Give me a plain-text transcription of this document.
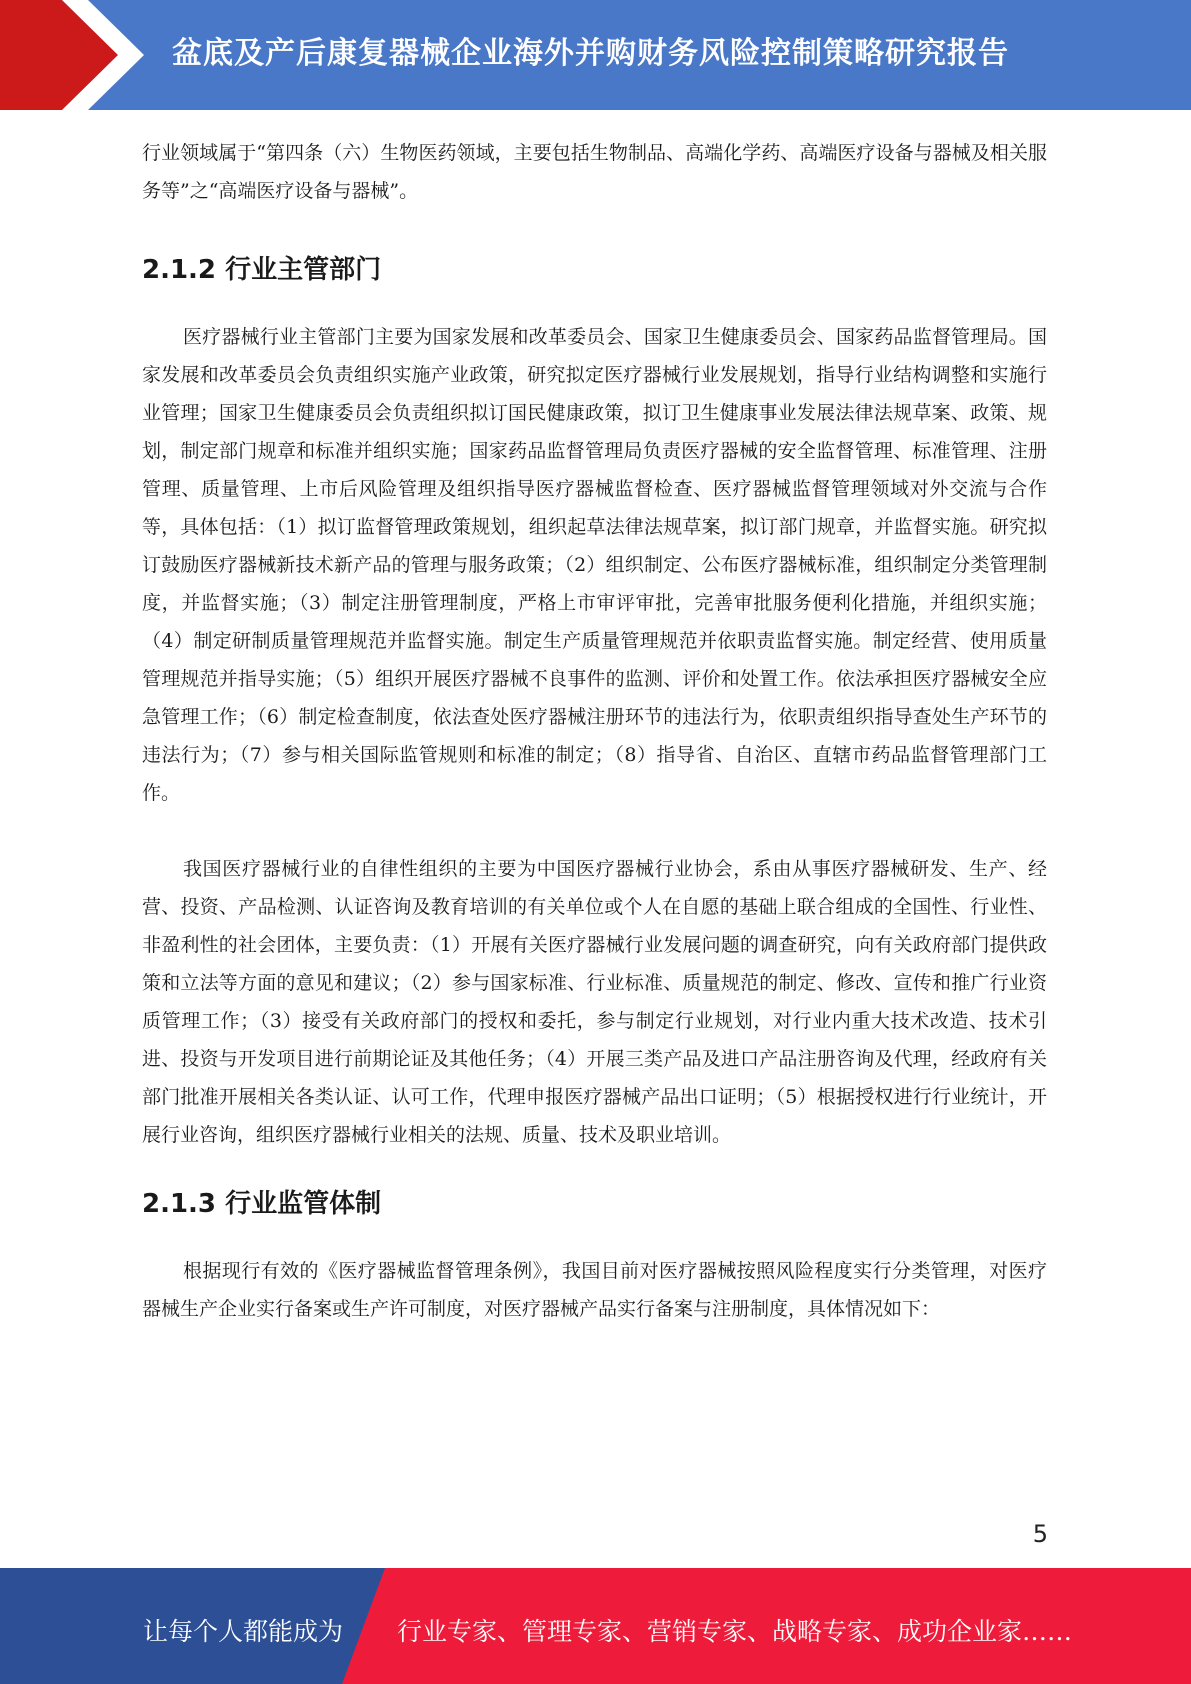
盆底及产后康复器械企业海外并购财务风险控制策略研究报告

行业领域属于“第四条（六）生物医药领域，主要包括生物制品、高端化学药、高端医疗设备与器械及相关服务等”之“高端医疗设备与器械”。

2.1.2 行业主管部门

医疗器械行业主管部门主要为国家发展和改革委员会、国家卫生健康委员会、国家药品监督管理局。国家发展和改革委员会负责组织实施产业政策，研究拟定医疗器械行业发展规划，指导行业结构调整和实施行业管理；国家卫生健康委员会负责组织拟订国民健康政策，拟订卫生健康事业发展法律法规草案、政策、规划，制定部门规章和标准并组织实施；国家药品监督管理局负责医疗器械的安全监督管理、标准管理、注册管理、质量管理、上市后风险管理及组织指导医疗器械监督检查、医疗器械监督管理领域对外交流与合作等，具体包括：（1）拟订监督管理政策规划，组织起草法律法规草案，拟订部门规章，并监督实施。研究拟订鼓励医疗器械新技术新产品的管理与服务政策；（2）组织制定、公布医疗器械标准，组织制定分类管理制度，并监督实施；（3）制定注册管理制度，严格上市审评审批，完善审批服务便利化措施，并组织实施；（4）制定研制质量管理规范并监督实施。制定生产质量管理规范并依职责监督实施。制定经营、使用质量管理规范并指导实施；（5）组织开展医疗器械不良事件的监测、评价和处置工作。依法承担医疗器械安全应急管理工作；（6）制定检查制度，依法查处医疗器械注册环节的违法行为，依职责组织指导查处生产环节的违法行为；（7）参与相关国际监管规则和标准的制定；（8）指导省、自治区、直辖市药品监督管理部门工作。

我国医疗器械行业的自律性组织的主要为中国医疗器械行业协会，系由从事医疗器械研发、生产、经营、投资、产品检测、认证咨询及教育培训的有关单位或个人在自愿的基础上联合组成的全国性、行业性、非盈利性的社会团体，主要负责：（1）开展有关医疗器械行业发展问题的调查研究，向有关政府部门提供政策和立法等方面的意见和建议；（2）参与国家标准、行业标准、质量规范的制定、修改、宣传和推广行业资质管理工作；（3）接受有关政府部门的授权和委托，参与制定行业规划，对行业内重大技术改造、技术引进、投资与开发项目进行前期论证及其他任务；（4）开展三类产品及进口产品注册咨询及代理，经政府有关部门批准开展相关各类认证、认可工作，代理申报医疗器械产品出口证明；（5）根据授权进行行业统计，开展行业咨询，组织医疗器械行业相关的法规、质量、技术及职业培训。

2.1.3 行业监管体制

根据现行有效的《医疗器械监督管理条例》，我国目前对医疗器械按照风险程度实行分类管理，对医疗器械生产企业实行备案或生产许可制度，对医疗器械产品实行备案与注册制度，具体情况如下：

5
让每个人都能成为 行业专家、管理专家、营销专家、战略专家、成功企业家……
